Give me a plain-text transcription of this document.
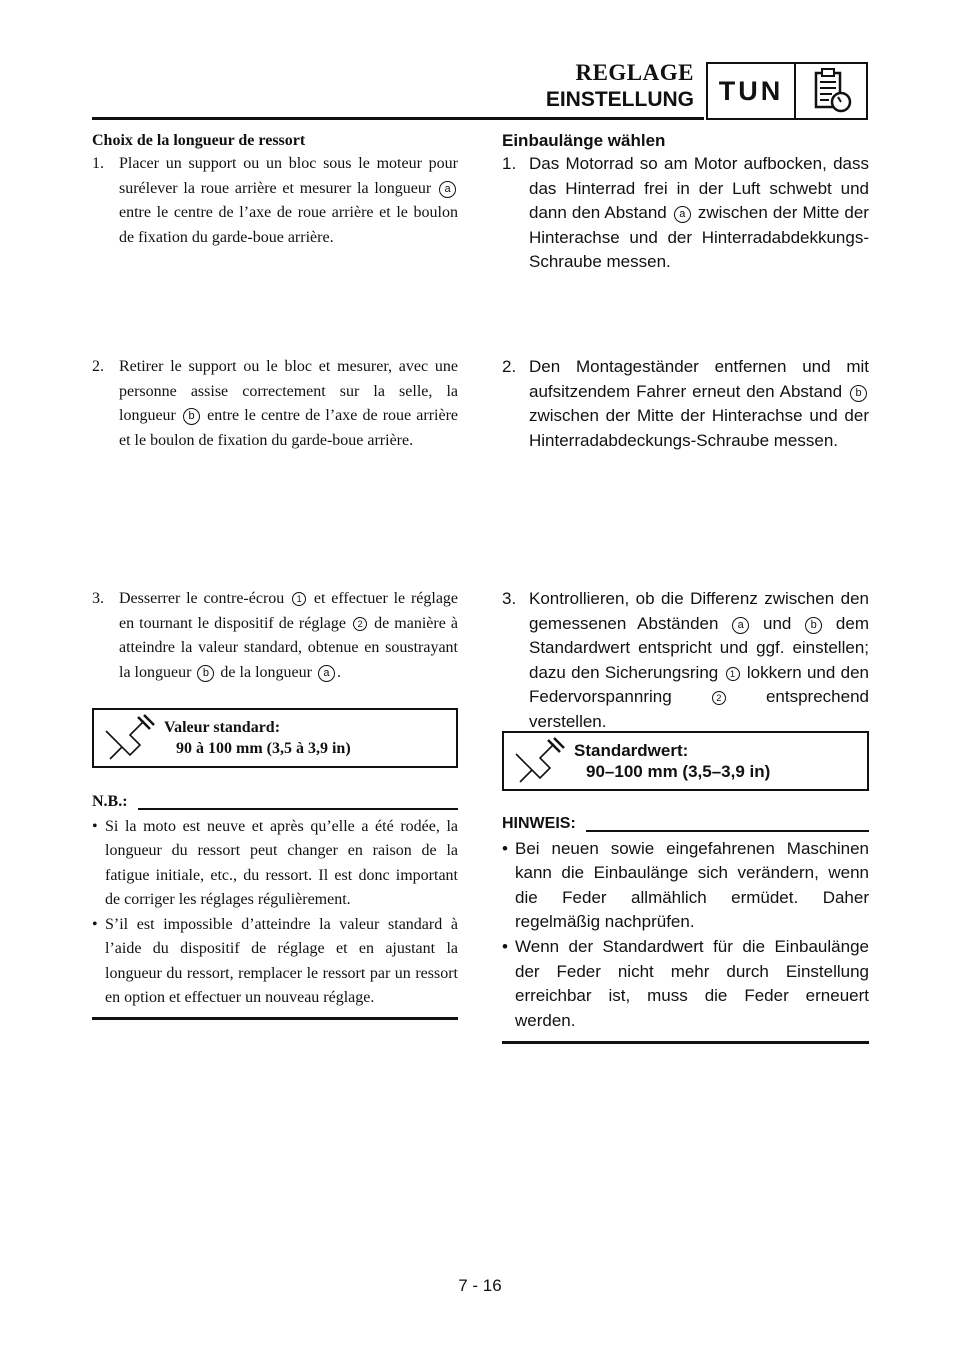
REGLAGE
EINSTELLUNG TUN
Choix de la longueur de ressort
1. Placer un support ou un bloc sous le moteur pour surélever la roue arrière et mesurer la longueur a entre le centre de l’axe de roue arrière et le boulon de fixation du garde-boue arrière.
2. Retirer le support ou le bloc et mesurer, avec une personne assise correctement sur la selle, la longueur b entre le centre de l’axe de roue arrière et le boulon de fixation du garde-boue arrière.
3. Desserrer le contre-écrou 1 et effectuer le réglage en tournant le dispositif de réglage 2 de manière à atteindre la valeur standard, obtenue en soustrayant la longueur b de la longueur a .
Valeur standard:
90 à 100 mm (3,5 à 3,9 in)
N.B.:
• Si la moto est neuve et après qu’elle a été rodée, la longueur du ressort peut changer en raison de la fatigue initiale, etc., du ressort. Il est donc important de corriger les réglages régulièrement.
• S’il est impossible d’atteindre la valeur standard à l’aide du dispositif de réglage et en ajustant la longueur du ressort, remplacer le ressort par un ressort en option et effectuer un nouveau réglage.
Einbaulänge wählen
1. Das Motorrad so am Motor aufbocken, dass das Hinterrad frei in der Luft schwebt und dann den Abstand a zwischen der Mitte der Hinterachse und der Hinterradabdekkungs-Schraube messen.
2. Den Montageständer entfernen und mit aufsitzendem Fahrer erneut den Abstand b zwischen der Mitte der Hinterachse und der Hinterradabdeckungs-Schraube messen.
3. Kontrollieren, ob die Differenz zwischen den gemessenen Abständen a und b dem Standardwert entspricht und ggf. einstellen; dazu den Sicherungsring 1 lokkern und den Federvorspannring	2	entsprechend verstellen.
Standardwert:
90–100 mm (3,5–3,9 in)
HINWEIS:
• Bei neuen sowie eingefahrenen Maschinen kann die Einbaulänge sich verändern, wenn die Feder allmählich ermüdet. Daher regelmäßig nachprüfen.
• Wenn der Standardwert für die Einbaulänge der Feder nicht mehr durch Einstellung erreichbar ist, muss die Feder erneuert werden.
7 - 16
